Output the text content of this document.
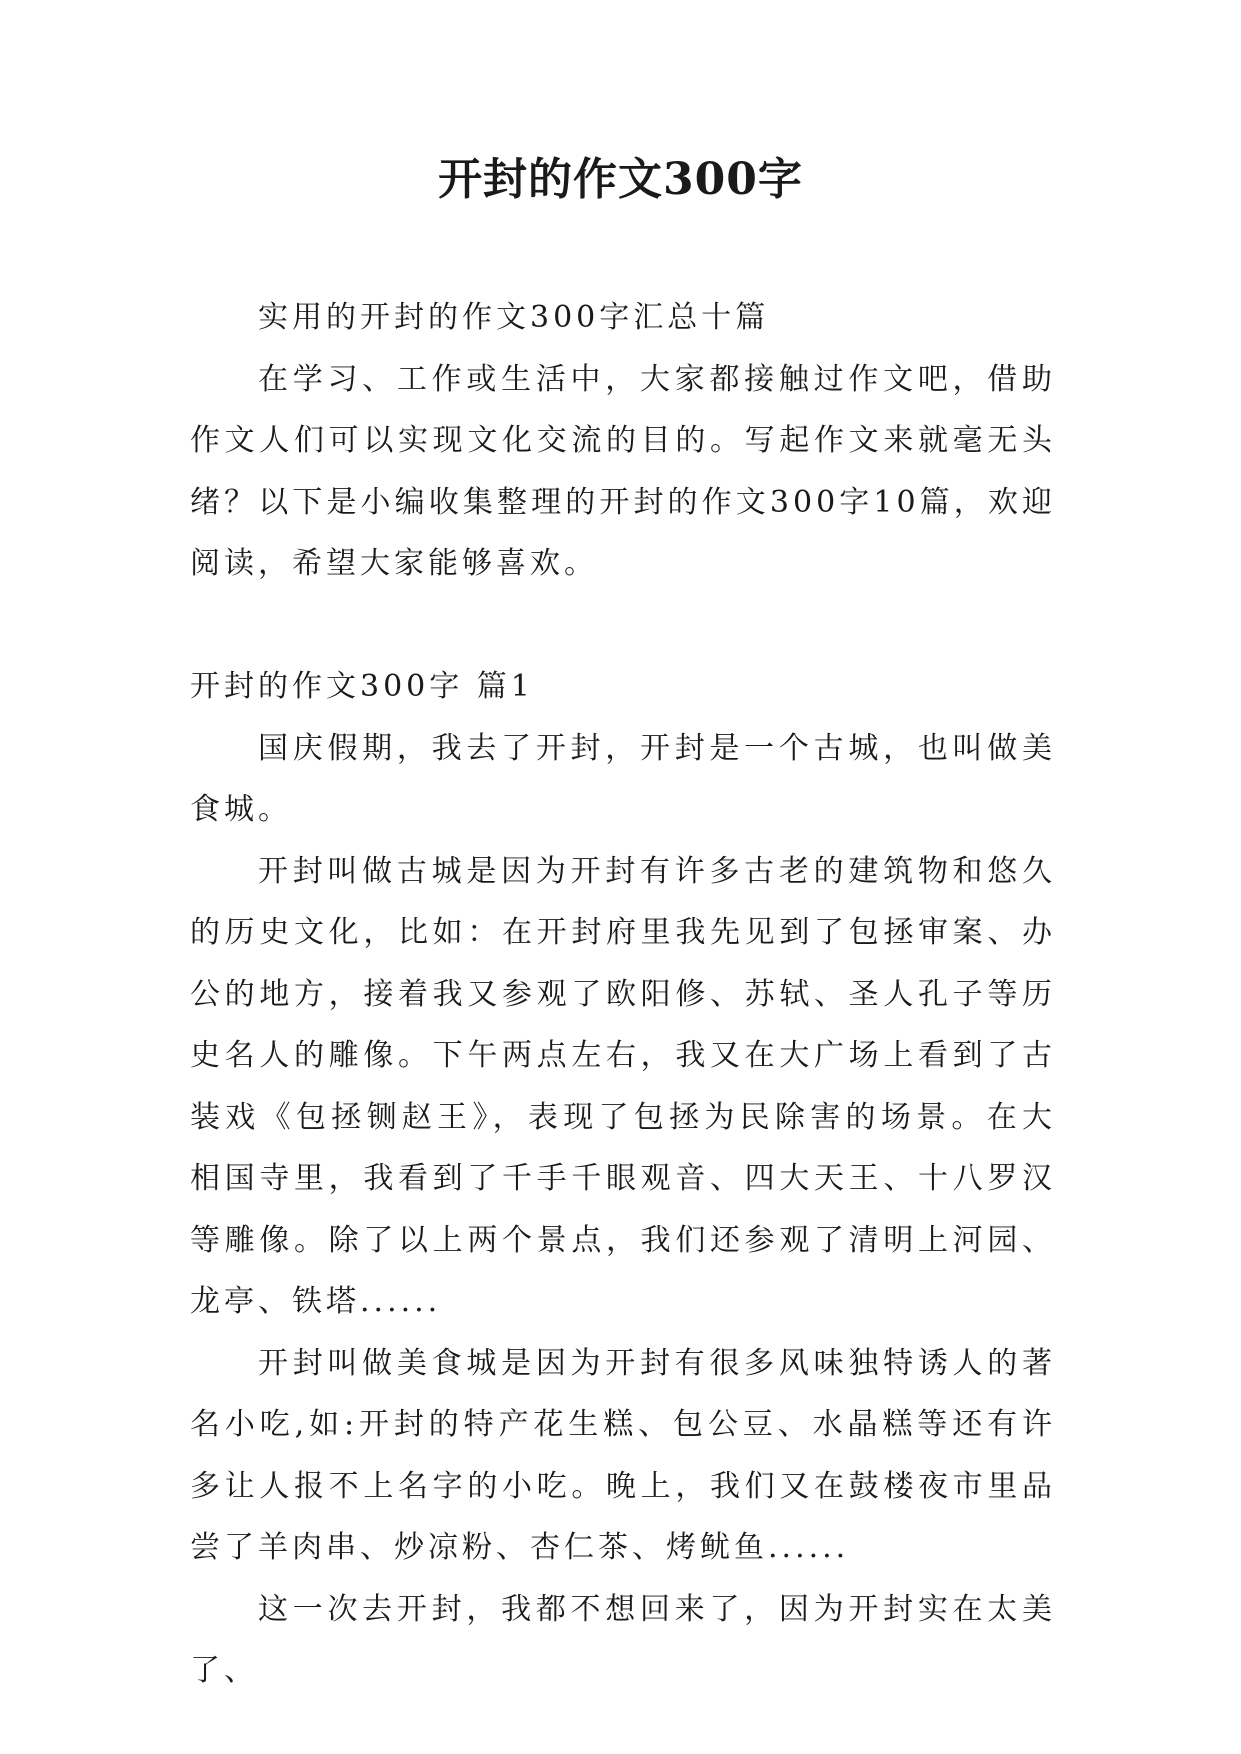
开封的作文300字

实用的开封的作文300字汇总十篇

在学习、工作或生活中，大家都接触过作文吧，借助作文人们可以实现文化交流的目的。写起作文来就毫无头绪？以下是小编收集整理的开封的作文300字10篇，欢迎阅读，希望大家能够喜欢。

开封的作文300字 篇1

国庆假期，我去了开封，开封是一个古城，也叫做美食城。

开封叫做古城是因为开封有许多古老的建筑物和悠久的历史文化，比如：在开封府里我先见到了包拯审案、办公的地方，接着我又参观了欧阳修、苏轼、圣人孔子等历史名人的雕像。下午两点左右，我又在大广场上看到了古装戏《包拯铡赵王》，表现了包拯为民除害的场景。在大相国寺里，我看到了千手千眼观音、四大天王、十八罗汉等雕像。除了以上两个景点，我们还参观了清明上河园、龙亭、铁塔......

开封叫做美食城是因为开封有很多风味独特诱人的著名小吃,如:开封的特产花生糕、包公豆、水晶糕等还有许多让人报不上名字的小吃。晚上，我们又在鼓楼夜市里品尝了羊肉串、炒凉粉、杏仁茶、烤鱿鱼......

这一次去开封，我都不想回来了，因为开封实在太美了、
